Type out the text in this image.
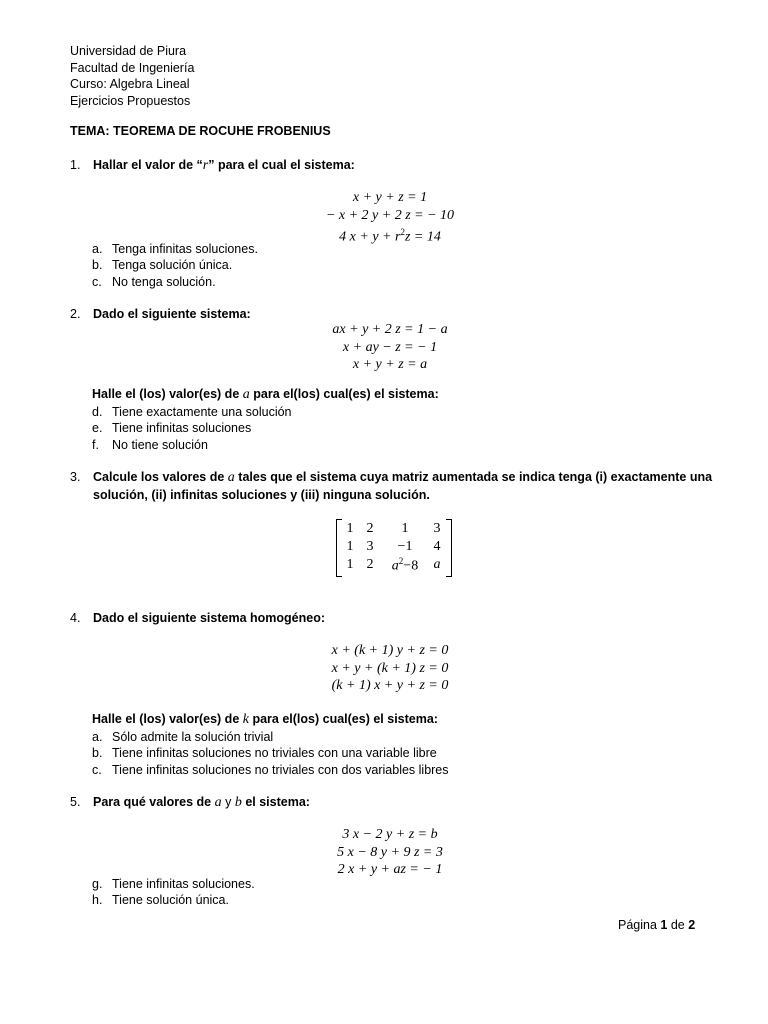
Universidad de Piura
Facultad de Ingeniería
Curso: Algebra Lineal
Ejercicios Propuestos
TEMA: TEOREMA DE ROCUHE FROBENIUS
1.	Hallar el valor de “r” para el cual el sistema:
x + y + z = 1
− x + 2 y + 2 z = − 10
4 $x + y + r^2z = 14$
a. Tenga infinitas soluciones.
b. Tenga solución única.
c. No tenga solución.
2.	Dado el siguiente sistema:
ax + y + 2 z = 1 − a
x + ay − z = − 1
x + y + z = a
Halle el (los) valor(es) de a para el(los) cual(es) el sistema:
d. Tiene exactamente una solución
e. Tiene infinitas soluciones
f. No tiene solución
3.	Calcule los valores de a tales que el sistema cuya matriz aumentada se indica tenga (i) exactamente una
solución, (ii) infinitas soluciones y (iii) ninguna solución.
1	2	1	3
1	3	−1	4
1	2	$a^2-8$	a
4.	Dado el siguiente sistema homogéneo:
x + (k + 1) y + z = 0
x + y + (k + 1) z = 0
(k + 1) x + y + z = 0
Halle el (los) valor(es) de k para el(los) cual(es) el sistema:
a. Sólo admite la solución trivial
b. Tiene infinitas soluciones no triviales con una variable libre
c. Tiene infinitas soluciones no triviales con dos variables libres
5.	Para qué valores de a y b el sistema:
3 x − 2 y + z = b
5 x − 8 y + 9 z = 3
2 x + y + az = − 1
g. Tiene infinitas soluciones.
h. Tiene solución única.
Página 1 de 2
